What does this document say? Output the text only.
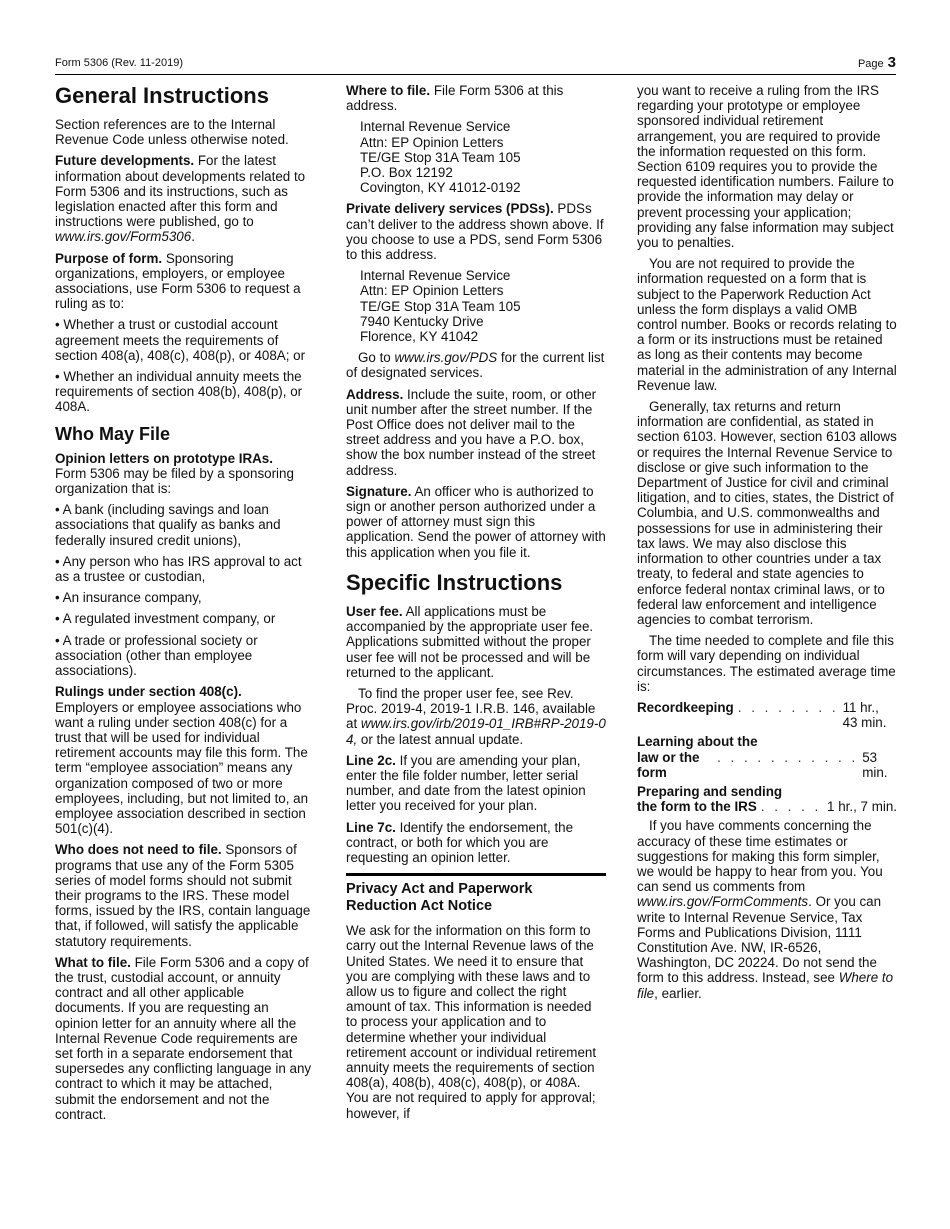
Form 5306 (Rev. 11-2019)	Page 3
General Instructions

Section references are to the Internal Revenue Code unless otherwise noted.

Future developments. For the latest information about developments related to Form 5306 and its instructions, such as legislation enacted after this form and instructions were published, go to www.irs.gov/Form5306.

Purpose of form. Sponsoring organizations, employers, or employee associations, use Form 5306 to request a ruling as to:

• Whether a trust or custodial account agreement meets the requirements of section 408(a), 408(c), 408(p), or 408A; or

• Whether an individual annuity meets the requirements of section 408(b), 408(p), or 408A.

Who May File

Opinion letters on prototype IRAs.
Form 5306 may be filed by a sponsoring organization that is:

• A bank (including savings and loan associations that qualify as banks and federally insured credit unions),

• Any person who has IRS approval to act as a trustee or custodian,

• An insurance company,

• A regulated investment company, or

• A trade or professional society or association (other than employee associations).

Rulings under section 408(c).
Employers or employee associations who want a ruling under section 408(c) for a trust that will be used for individual retirement accounts may file this form. The term “employee association” means any organization composed of two or more employees, including, but not limited to, an employee association described in section 501(c)(4).

Who does not need to file. Sponsors of programs that use any of the Form 5305 series of model forms should not submit their programs to the IRS. These model forms, issued by the IRS, contain language that, if followed, will satisfy the applicable statutory requirements.

What to file. File Form 5306 and a copy of the trust, custodial account, or annuity contract and all other applicable documents. If you are requesting an opinion letter for an annuity where all the Internal Revenue Code requirements are set forth in a separate endorsement that supersedes any conflicting language in any contract to which it may be attached, submit the endorsement and not the contract.

Where to file. File Form 5306 at this address.

Internal Revenue Service
Attn: EP Opinion Letters
TE/GE Stop 31A Team 105
P.O. Box 12192
Covington, KY 41012-0192

Private delivery services (PDSs). PDSs can’t deliver to the address shown above. If you choose to use a PDS, send Form 5306 to this address.

Internal Revenue Service
Attn: EP Opinion Letters
TE/GE Stop 31A Team 105
7940 Kentucky Drive
Florence, KY 41042

Go to www.irs.gov/PDS for the current list of designated services.

Address. Include the suite, room, or other unit number after the street number. If the Post Office does not deliver mail to the street address and you have a P.O. box, show the box number instead of the street address.

Signature. An officer who is authorized to sign or another person authorized under a power of attorney must sign this application. Send the power of attorney with this application when you file it.

Specific Instructions

User fee. All applications must be accompanied by the appropriate user fee. Applications submitted without the proper user fee will not be processed and will be returned to the applicant.

To find the proper user fee, see Rev. Proc. 2019-4, 2019-1 I.R.B. 146, available at www.irs.gov/irb/2019-01_IRB#RP-2019-04, or the latest annual update.

Line 2c. If you are amending your plan, enter the file folder number, letter serial number, and date from the latest opinion letter you received for your plan.

Line 7c. Identify the endorsement, the contract, or both for which you are requesting an opinion letter.

Privacy Act and Paperwork Reduction Act Notice

We ask for the information on this form to carry out the Internal Revenue laws of the United States. We need it to ensure that you are complying with these laws and to allow us to figure and collect the right amount of tax. This information is needed to process your application and to determine whether your individual retirement account or individual retirement annuity meets the requirements of section 408(a), 408(b), 408(c), 408(p), or 408A. You are not required to apply for approval; however, if

you want to receive a ruling from the IRS regarding your prototype or employee sponsored individual retirement arrangement, you are required to provide the information requested on this form. Section 6109 requires you to provide the requested identification numbers. Failure to provide the information may delay or prevent processing your application; providing any false information may subject you to penalties.

You are not required to provide the information requested on a form that is subject to the Paperwork Reduction Act unless the form displays a valid OMB control number. Books or records relating to a form or its instructions must be retained as long as their contents may become material in the administration of any Internal Revenue law.

Generally, tax returns and return information are confidential, as stated in section 6103. However, section 6103 allows or requires the Internal Revenue Service to disclose or give such information to the Department of Justice for civil and criminal litigation, and to cities, states, the District of Columbia, and U.S. commonwealths and possessions for use in administering their tax laws. We may also disclose this information to other countries under a tax treaty, to federal and state agencies to enforce federal nontax criminal laws, or to federal law enforcement and intelligence agencies to combat terrorism.

The time needed to complete and file this form will vary depending on individual circumstances. The estimated average time is:

Recordkeeping . . . . . . . . 11 hr., 43 min.
Learning about the
law or the form
. . . . . . . . . . . 53 min.
Preparing and sending
the form to the IRS . . . . . 1 hr., 7 min.

If you have comments concerning the accuracy of these time estimates or suggestions for making this form simpler, we would be happy to hear from you. You can send us comments from www.irs.gov/FormComments. Or you can write to Internal Revenue Service, Tax Forms and Publications Division, 1111 Constitution Ave. NW, IR-6526, Washington, DC 20224. Do not send the form to this address. Instead, see Where to file, earlier.
